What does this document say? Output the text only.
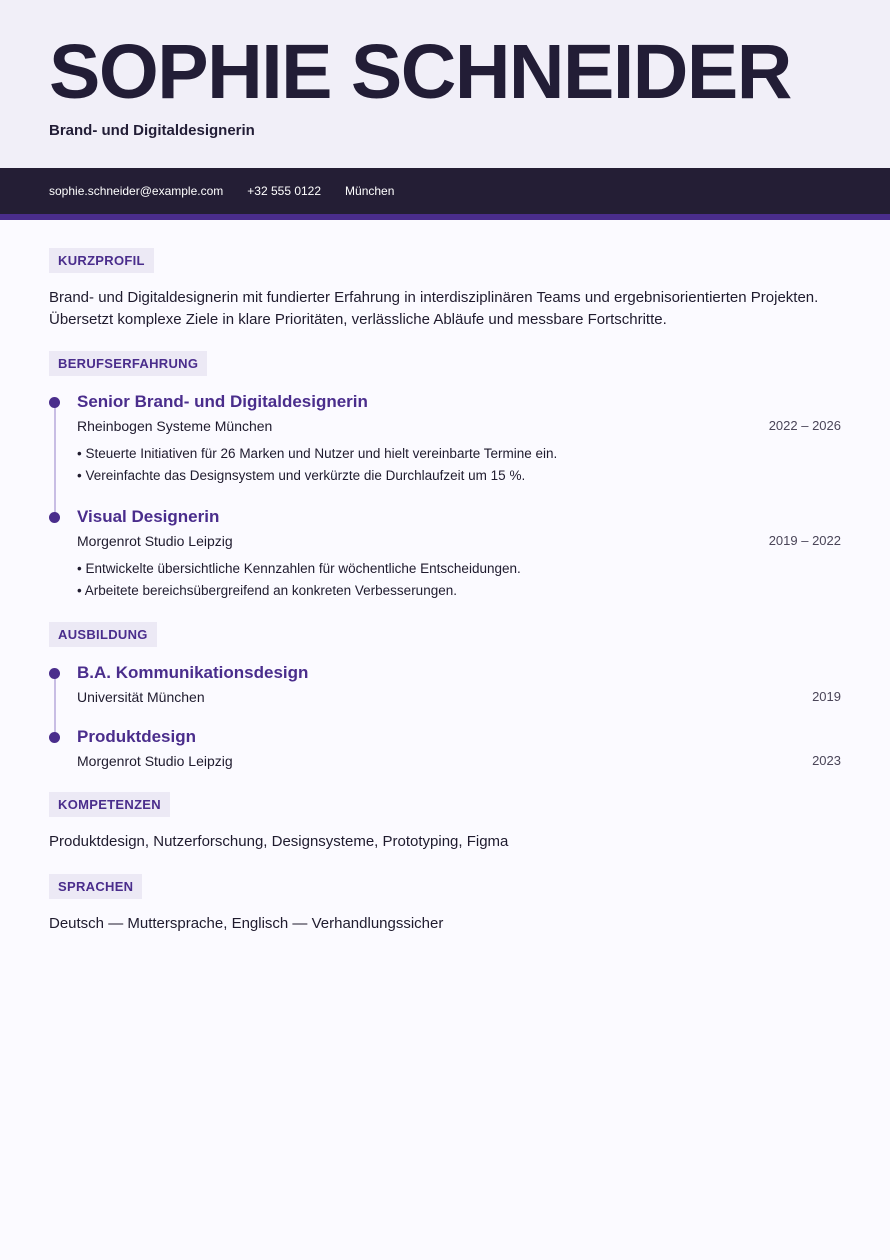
SOPHIE SCHNEIDER
Brand- und Digitaldesignerin
sophie.schneider@example.com +32 555 0122 München
KURZPROFIL

Brand- und Digitaldesignerin mit fundierter Erfahrung in interdisziplinären Teams und ergebnisorientierten Projekten. Übersetzt komplexe Ziele in klare Prioritäten, verlässliche Abläufe und messbare Fortschritte.

BERUFSERFAHRUNG
Senior Brand- und Digitaldesignerin
Rheinbogen Systeme München	2022 – 2026
• Steuerte Initiativen für 26 Marken und Nutzer und hielt vereinbarte Termine ein.
• Vereinfachte das Designsystem und verkürzte die Durchlaufzeit um 15 %.
Visual Designerin
Morgenrot Studio Leipzig	2019 – 2022
• Entwickelte übersichtliche Kennzahlen für wöchentliche Entscheidungen.
• Arbeitete bereichsübergreifend an konkreten Verbesserungen.
AUSBILDUNG
B.A. Kommunikationsdesign
Universität München	2019
Produktdesign
Morgenrot Studio Leipzig	2023
KOMPETENZEN

Produktdesign, Nutzerforschung, Designsysteme, Prototyping, Figma

SPRACHEN

Deutsch — Muttersprache, Englisch — Verhandlungssicher
